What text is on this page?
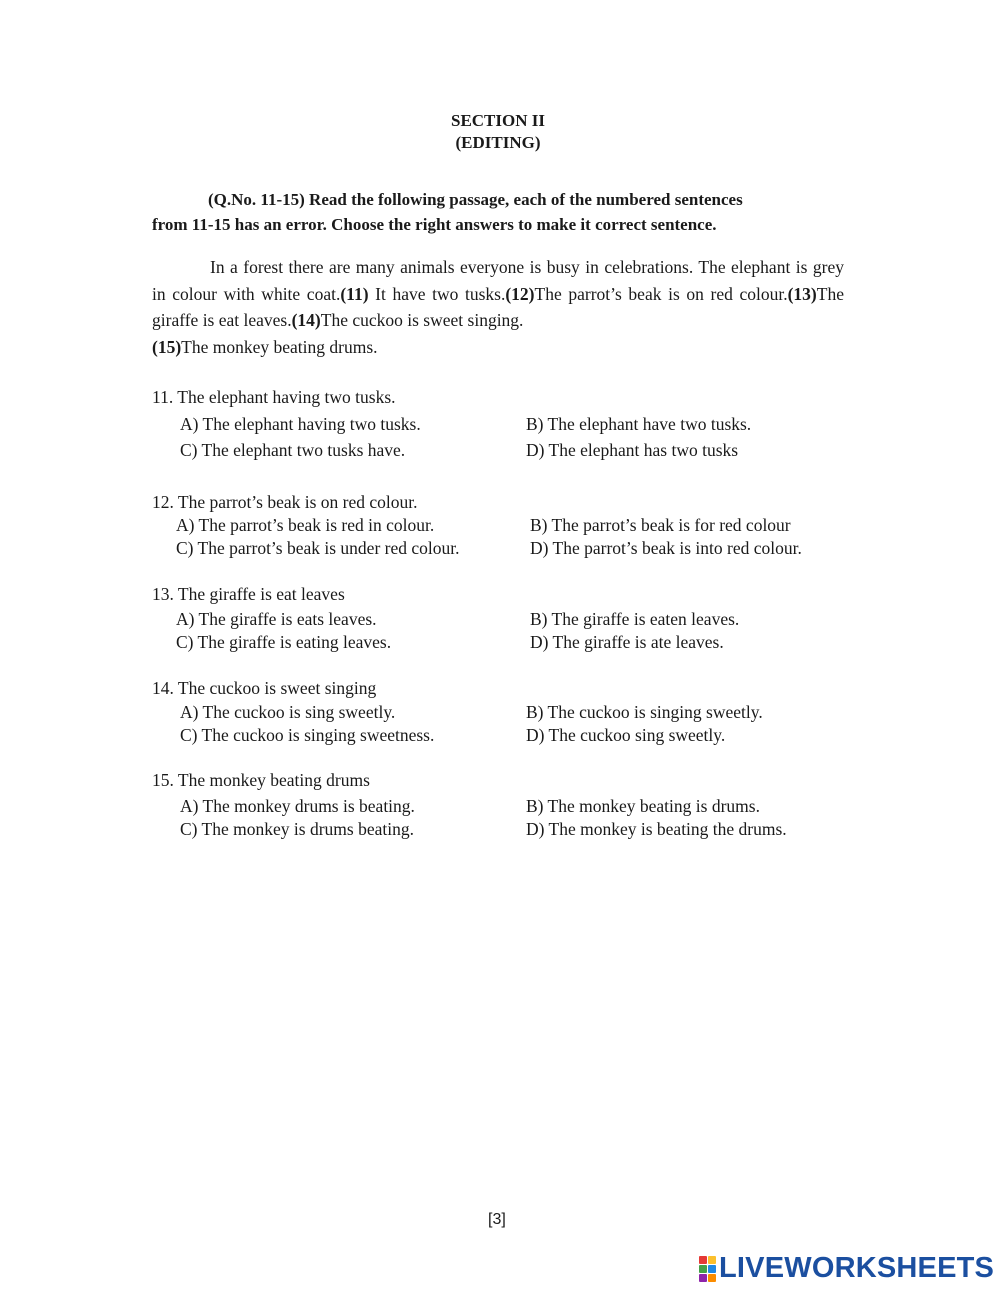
SECTION II
(EDITING)
(Q.No. 11-15) Read the following passage, each of the numbered sentences
from 11-15 has an error. Choose the right answers to make it correct sentence.

In a forest there are many animals everyone is busy in celebrations. The elephant is grey in colour with white coat.(11) It have two tusks.(12)The parrot’s beak is on red colour.(13)The giraffe is eat leaves.(14)The cuckoo is sweet singing.
(15)The monkey beating drums.

11. The elephant having two tusks.
A) The elephant having two tusks.	B) The elephant have two tusks.
C) The elephant two tusks have.	D) The elephant has two tusks
12. The parrot’s beak is on red colour.
A) The parrot’s beak is red in colour.	B) The parrot’s beak is for red colour
C) The parrot’s beak is under red colour.	D) The parrot’s beak is into red colour.
13. The giraffe is eat leaves
A) The giraffe is eats leaves.	B) The giraffe is eaten leaves.
C) The giraffe is eating leaves.	D) The giraffe is ate leaves.
14. The cuckoo is sweet singing
A) The cuckoo is sing sweetly.	B) The cuckoo is singing sweetly.
C) The cuckoo is singing sweetness.	D) The cuckoo sing sweetly.
15. The monkey beating drums
A) The monkey drums is beating.	B) The monkey beating is drums.
C) The monkey is drums beating.	D) The monkey is beating the drums.
[3]
LIVEWORKSHEETS
